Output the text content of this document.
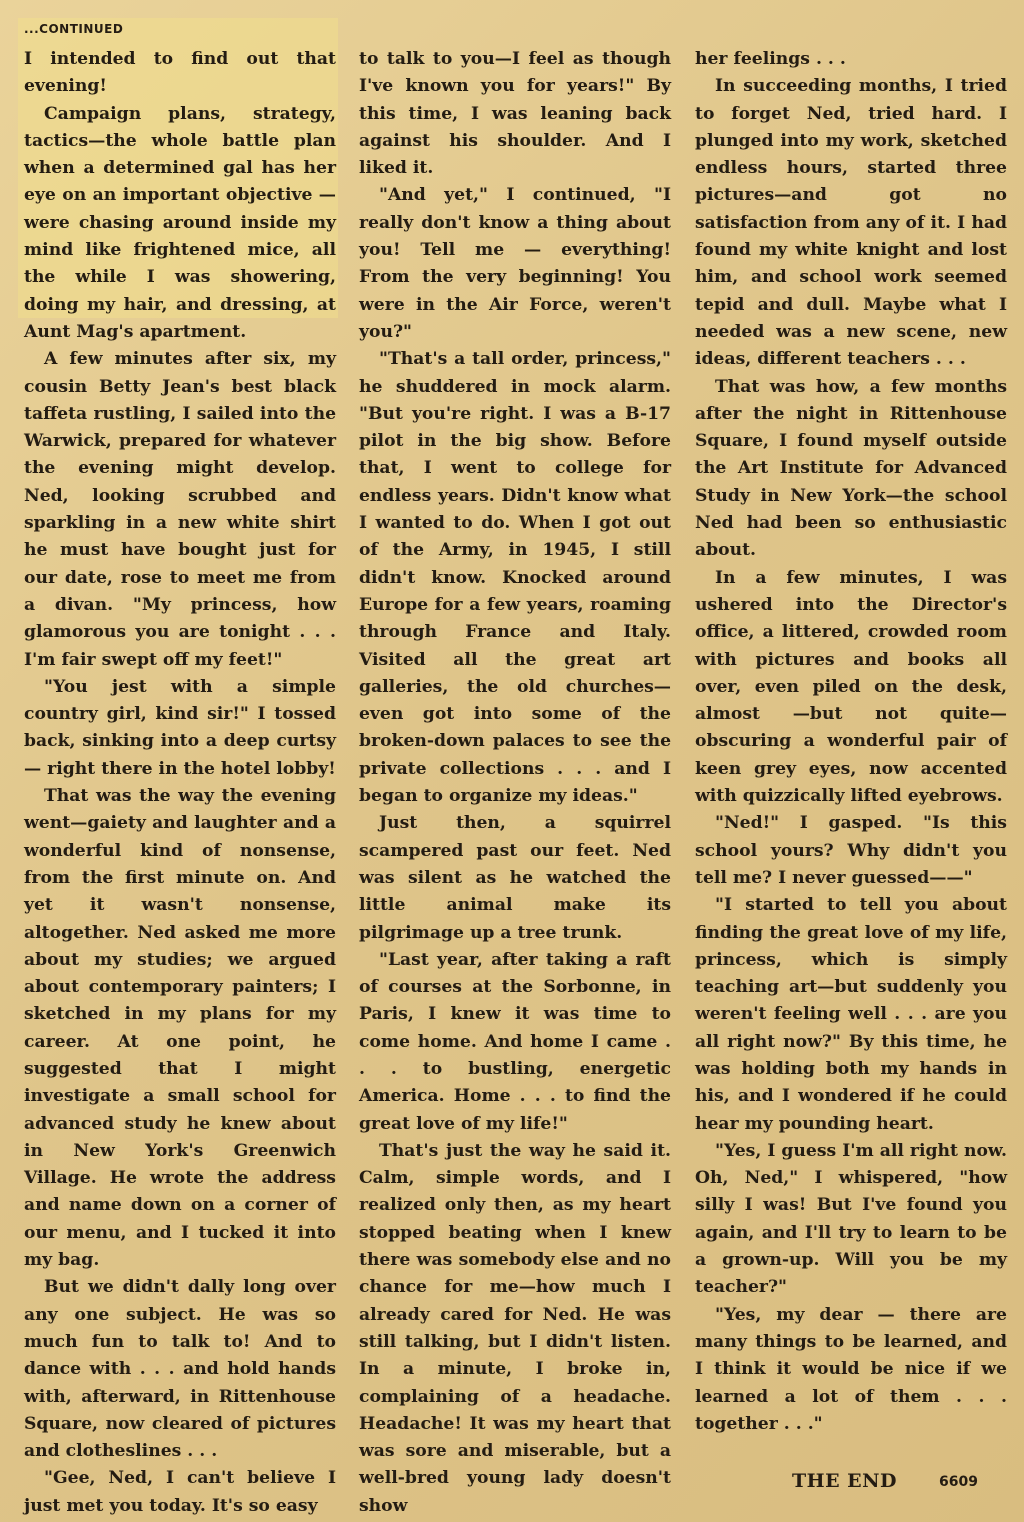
...CONTINUED

I intended to find out that evening!

Campaign plans, strategy, tactics—the whole battle plan when a determined gal has her eye on an important objective — were chasing around inside my mind like frightened mice, all the while I was showering, doing my hair, and dressing, at Aunt Mag's apartment.

A few minutes after six, my cousin Betty Jean's best black taffeta rustling, I sailed into the Warwick, prepared for whatever the evening might develop. Ned, looking scrubbed and sparkling in a new white shirt he must have bought just for our date, rose to meet me from a divan. "My princess, how glamorous you are tonight . . . I'm fair swept off my feet!"

"You jest with a simple country girl, kind sir!" I tossed back, sinking into a deep curtsy — right there in the hotel lobby!

That was the way the evening went—gaiety and laughter and a wonderful kind of nonsense, from the first minute on. And yet it wasn't nonsense, altogether. Ned asked me more about my studies; we argued about contemporary painters; I sketched in my plans for my career. At one point, he suggested that I might investigate a small school for advanced study he knew about in New York's Greenwich Village. He wrote the address and name down on a corner of our menu, and I tucked it into my bag.

But we didn't dally long over any one subject. He was so much fun to talk to! And to dance with . . . and hold hands with, afterward, in Rittenhouse Square, now cleared of pictures and clotheslines . . .

"Gee, Ned, I can't believe I just met you today. It's so easy

to talk to you—I feel as though I've known you for years!" By this time, I was leaning back against his shoulder. And I liked it.

"And yet," I continued, "I really don't know a thing about you! Tell me — everything! From the very beginning! You were in the Air Force, weren't you?"

"That's a tall order, princess," he shuddered in mock alarm. "But you're right. I was a B-17 pilot in the big show. Before that, I went to college for endless years. Didn't know what I wanted to do. When I got out of the Army, in 1945, I still didn't know. Knocked around Europe for a few years, roaming through France and Italy. Visited all the great art galleries, the old churches—even got into some of the broken-down palaces to see the private collections . . . and I began to organize my ideas."

Just then, a squirrel scampered past our feet. Ned was silent as he watched the little animal make its pilgrimage up a tree trunk.

"Last year, after taking a raft of courses at the Sorbonne, in Paris, I knew it was time to come home. And home I came . . . to bustling, energetic America. Home . . . to find the great love of my life!"

That's just the way he said it. Calm, simple words, and I realized only then, as my heart stopped beating when I knew there was somebody else and no chance for me—how much I already cared for Ned. He was still talking, but I didn't listen. In a minute, I broke in, complaining of a headache. Headache! It was my heart that was sore and miserable, but a well-bred young lady doesn't show

her feelings . . .

In succeeding months, I tried to forget Ned, tried hard. I plunged into my work, sketched endless hours, started three pictures—and got no satisfaction from any of it. I had found my white knight and lost him, and school work seemed tepid and dull. Maybe what I needed was a new scene, new ideas, different teachers . . .

That was how, a few months after the night in Rittenhouse Square, I found myself outside the Art Institute for Advanced Study in New York—the school Ned had been so enthusiastic about.

In a few minutes, I was ushered into the Director's office, a littered, crowded room with pictures and books all over, even piled on the desk, almost —but not quite—obscuring a wonderful pair of keen grey eyes, now accented with quizzically lifted eyebrows.

"Ned!" I gasped. "Is this school yours? Why didn't you tell me? I never guessed——"

"I started to tell you about finding the great love of my life, princess, which is simply teaching art—but suddenly you weren't feeling well . . . are you all right now?" By this time, he was holding both my hands in his, and I wondered if he could hear my pounding heart.

"Yes, I guess I'm all right now. Oh, Ned," I whispered, "how silly I was! But I've found you again, and I'll try to learn to be a grown-up. Will you be my teacher?"

"Yes, my dear — there are many things to be learned, and I think it would be nice if we learned a lot of them . . . together . . ."

THE END	6609
